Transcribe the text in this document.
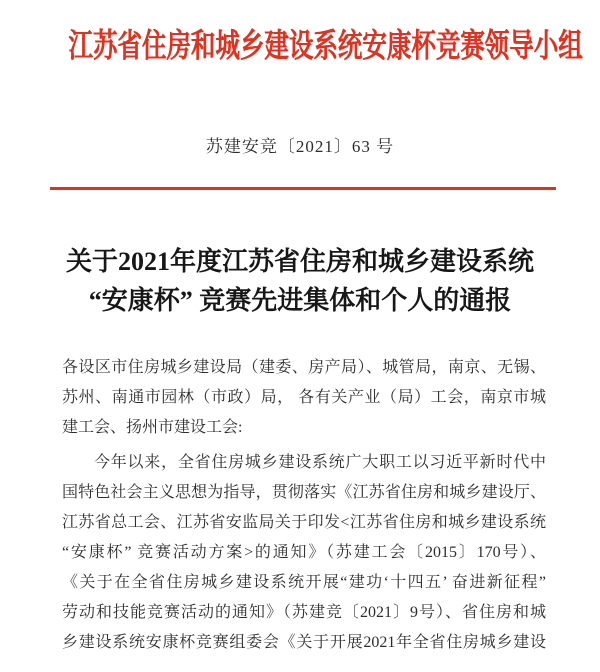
江苏省住房和城乡建设系统安康杯竞赛领导小组
苏建安竞〔2021〕63 号
关于2021年度江苏省住房和城乡建设系统
“安康杯” 竞赛先进集体和个人的通报
各设区市住房城乡建设局（建委、房产局）、城管局，南京、无锡、
苏州、南通市园林（市政）局， 各有关产业（局）工会，南京市城
建工会、扬州市建设工会:
今年以来，全省住房城乡建设系统广大职工以习近平新时代中
国特色社会主义思想为指导，贯彻落实《江苏省住房和城乡建设厅、
江苏省总工会、江苏省安监局关于印发<江苏省住房和城乡建设系统
“安康杯” 竞赛活动方案>的通知》（苏建工会〔2015〕170号）、
《关于在全省住房城乡建设系统开展“建功‘十四五’ 奋进新征程”
劳动和技能竞赛活动的通知》（苏建竞〔2021〕9号）、省住房和城
乡建设系统安康杯竞赛组委会《关于开展2021年全省住房城乡建设
